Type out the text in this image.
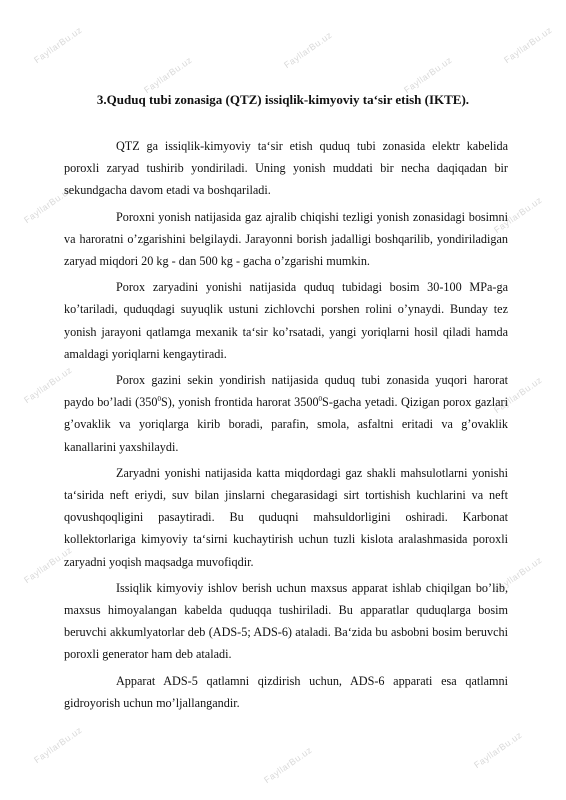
FayllarBu.uz
FayllarBu.uz
FayllarBu.uz
FayllarBu.uz
FayllarBu.uz
FayllarBu.uz	FayllarBu.uz
FayllarBu.uz	FayllarBu.uz
FayllarBu.uz	FayllarBu.uz
FayllarBu.uz	FayllarBu.uz	FayllarBu.uz
3.Quduq tubi zonasiga (QTZ) issiqlik-kimyoviy ta‘sir etish (IKTE).

QTZ ga issiqlik-kimyoviy ta‘sir etish quduq tubi zonasida elektr kabelida poroxli zaryad tushirib yondiriladi. Uning yonish muddati bir necha daqiqadan bir sekundgacha davom etadi va boshqariladi.

Poroxni yonish natijasida gaz ajralib chiqishi tezligi yonish zonasidagi bosimni va haroratni o’zgarishini belgilaydi. Jarayonni borish jadalligi boshqarilib, yondiriladigan zaryad miqdori 20 kg - dan 500 kg - gacha o’zgarishi mumkin.

Porox zaryadini yonishi natijasida quduq tubidagi bosim 30-100 MPa-ga ko’tariladi, quduqdagi suyuqlik ustuni zichlovchi porshen rolini o’ynaydi. Bunday tez yonish jarayoni qatlamga mexanik ta‘sir ko’rsatadi, yangi yoriqlarni hosil qiladi hamda amaldagi yoriqlarni kengaytiradi.

Porox gazini sekin yondirish natijasida quduq tubi zonasida yuqori harorat paydo bo’ladi $(350^0S)$, yonish frontida harorat 3500$^0$S-gacha yetadi. Qizigan porox gazlari g’ovaklik va yoriqlarga kirib boradi, parafin, smola, asfaltni eritadi va g’ovaklik kanallarini yaxshilaydi.

Zaryadni yonishi natijasida katta miqdordagi gaz shakli mahsulotlarni yonishi ta‘sirida neft eriydi, suv bilan jinslarni chegarasidagi sirt tortishish kuchlarini va neft qovushqoqligini pasaytiradi. Bu quduqni mahsuldorligini oshiradi. Karbonat kollektorlariga kimyoviy ta‘sirni kuchaytirish uchun tuzli kislota aralashmasida poroxli zaryadni yoqish maqsadga muvofiqdir.

Issiqlik kimyoviy ishlov berish uchun maxsus apparat ishlab chiqilgan bo’lib, maxsus himoyalangan kabelda quduqqa tushiriladi. Bu apparatlar quduqlarga bosim beruvchi akkumlyatorlar deb (ADS-5; ADS-6) ataladi. Ba‘zida bu asbobni bosim beruvchi poroxli generator ham deb ataladi.

Apparat ADS-5 qatlamni qizdirish uchun, ADS-6 apparati esa qatlamni gidroyorish uchun mo’ljallangandir.
